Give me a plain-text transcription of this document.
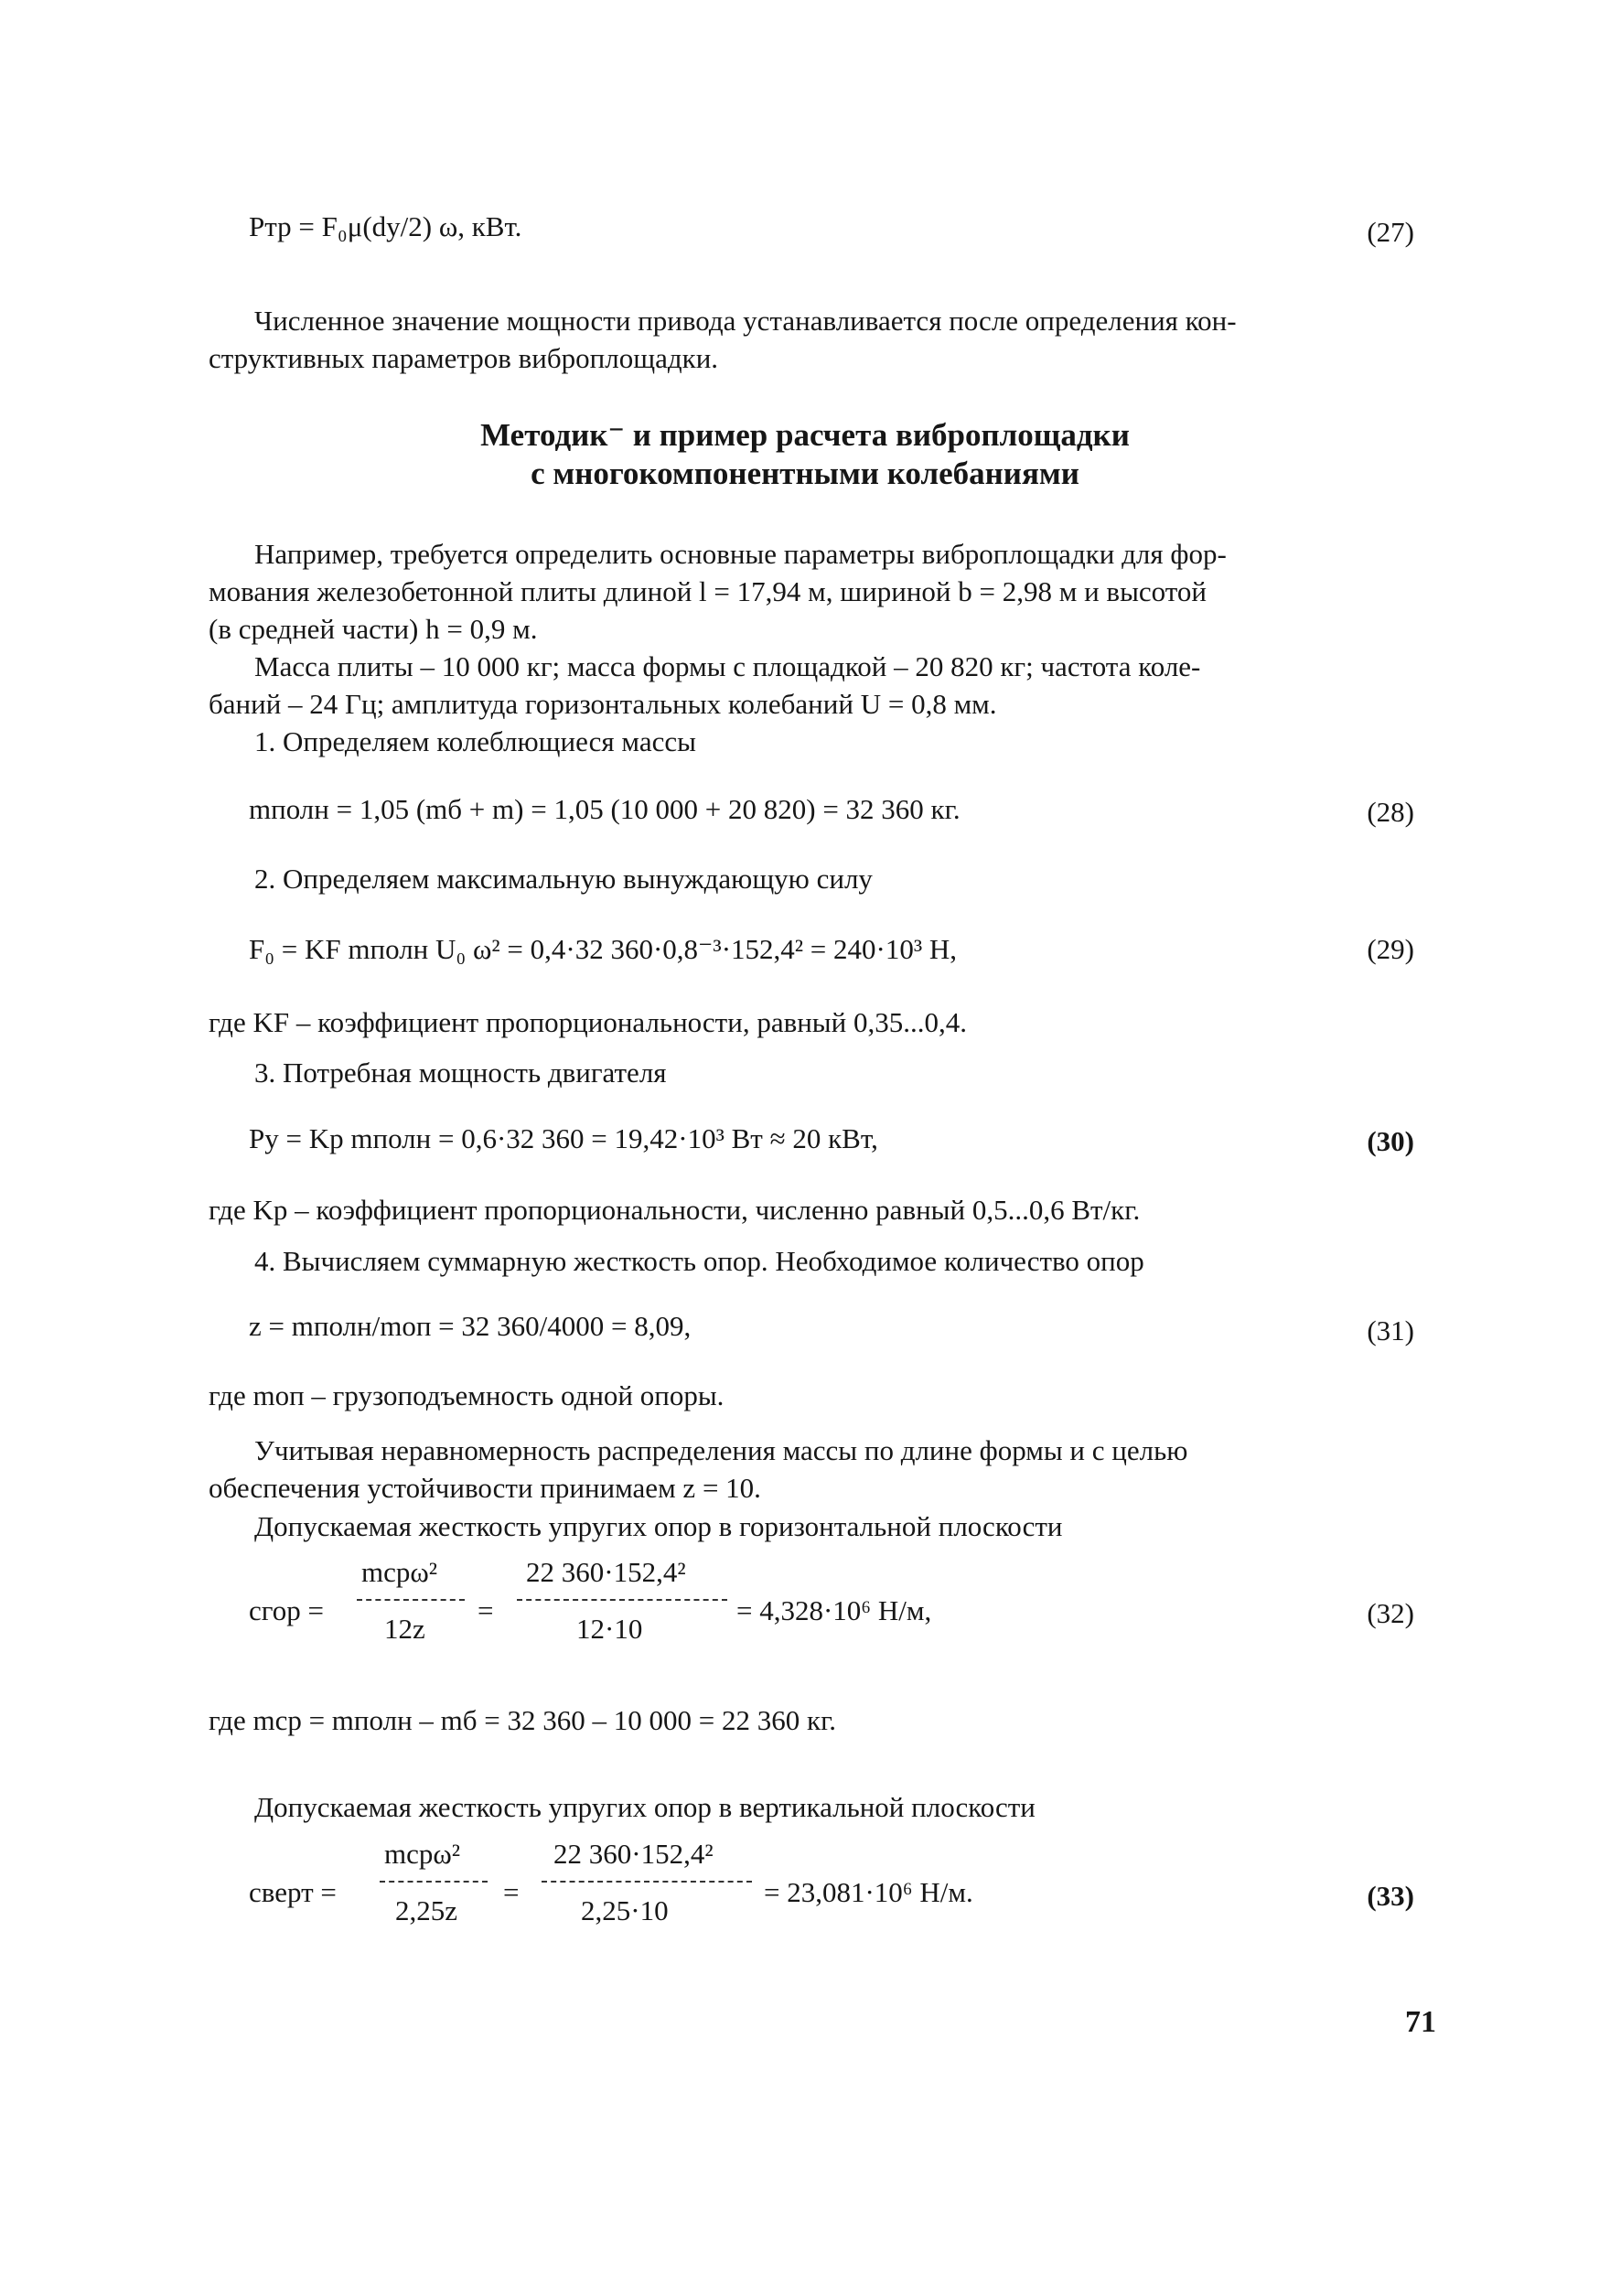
Pтр = F₀μ(dу/2) ω, кВт.	(27)
Численное значение мощности привода устанавливается после определения кон-
структивных параметров виброплощадки.
Методик⁻ и пример расчета виброплощадки
с многокомпонентными колебаниями
Например, требуется определить основные параметры виброплощадки для фор-
мования железобетонной плиты длиной l = 17,94 м, шириной b = 2,98 м и высотой
(в средней части) h = 0,9 м.
Масса плиты – 10 000 кг; масса формы с площадкой – 20 820 кг; частота коле-
баний – 24 Гц; амплитуда горизонтальных колебаний U = 0,8 мм.
1. Определяем колеблющиеся массы
mполн = 1,05 (mб + m) = 1,05 (10 000 + 20 820) = 32 360 кг.	(28)
2. Определяем максимальную вынуждающую силу
F₀ = KF mполн U₀ ω² = 0,4·32 360·0,8⁻³·152,4² = 240·10³ Н,	(29)
где KF – коэффициент пропорциональности, равный 0,35...0,4.
3. Потребная мощность двигателя
Pу = Kp mполн = 0,6·32 360 = 19,42·10³ Вт ≈ 20 кВт,	(30)
где Kp – коэффициент пропорциональности, численно равный 0,5...0,6 Вт/кг.
4. Вычисляем суммарную жесткость опор. Необходимое количество опор
z = mполн/mоп = 32 360/4000 = 8,09,	(31)
где mоп – грузоподъемность одной опоры.
Учитывая неравномерность распределения массы по длине формы и с целью
обеспечения устойчивости принимаем z = 10.
Допускаемая жесткость упругих опор в горизонтальной плоскости
cгор =
mсрω²
12z
=
22 360·152,4²
12·10
= 4,328·10⁶ Н/м,	(32)
где mср = mполн – mб = 32 360 – 10 000 = 22 360 кг.
Допускаемая жесткость упругих опор в вертикальной плоскости
cверт =
mсрω²
2,25z
=
22 360·152,4²
2,25·10
= 23,081·10⁶ Н/м.	(33)
71
